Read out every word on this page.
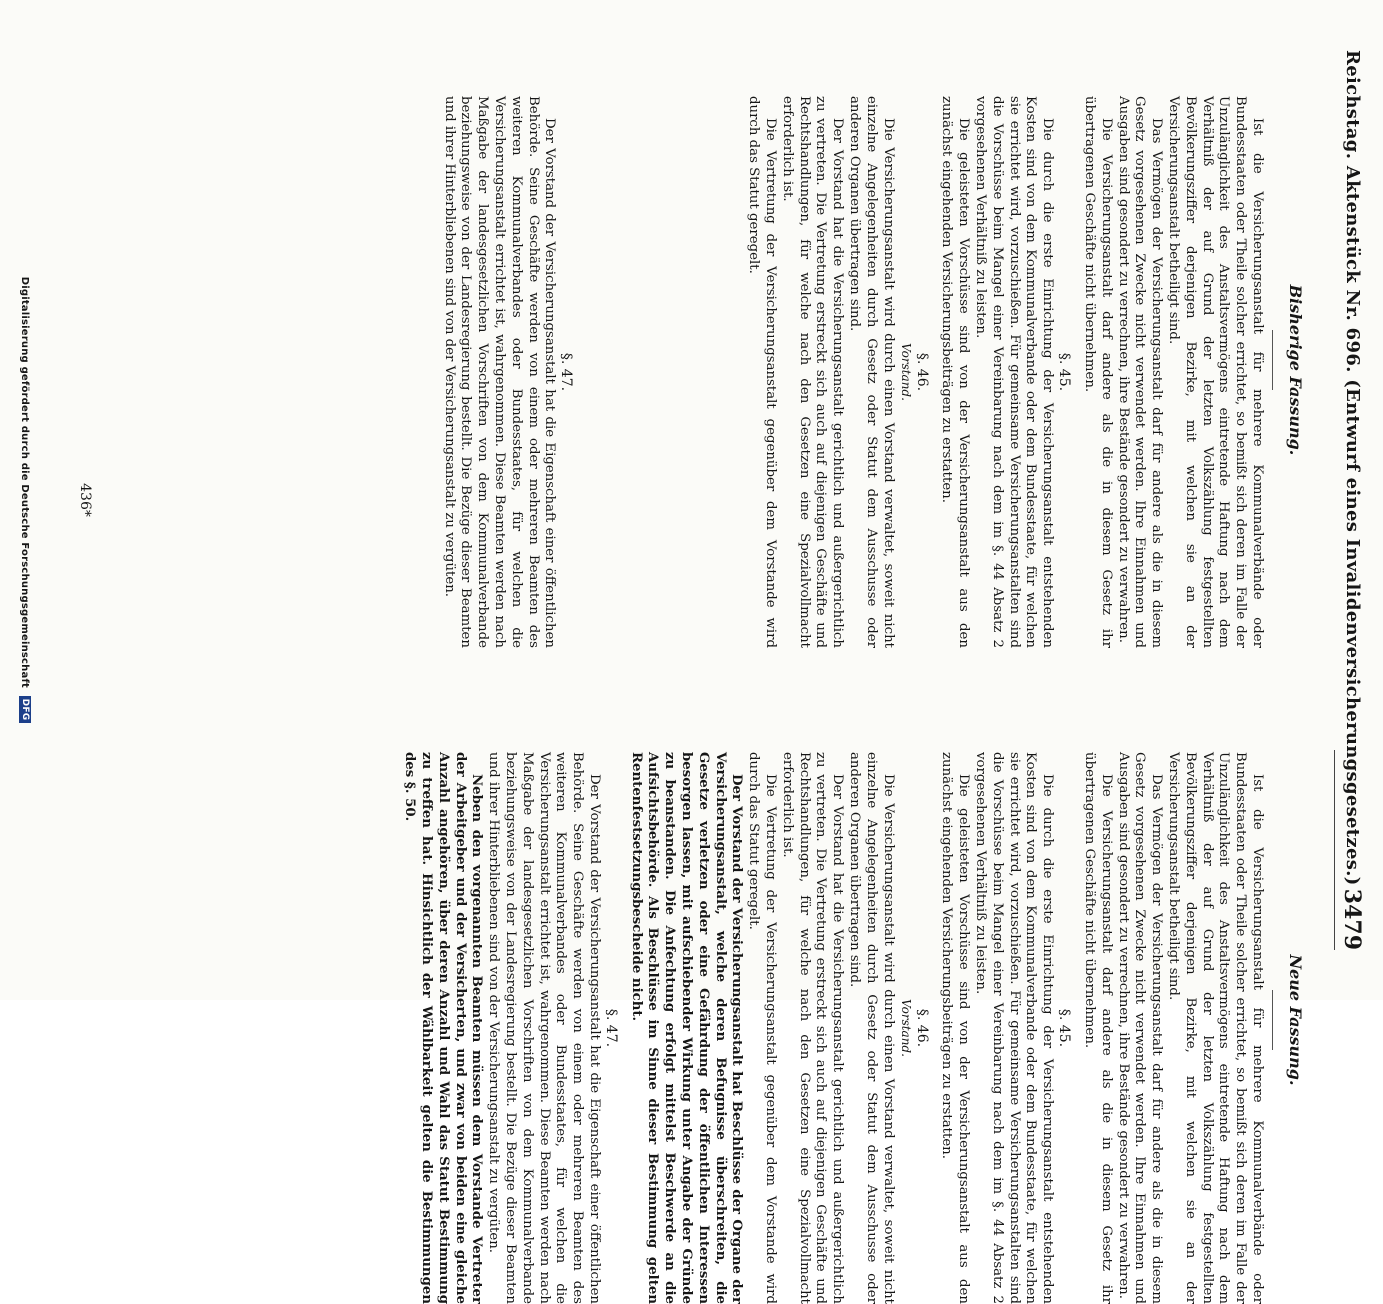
Reichstag. Aktenstück Nr. 696. (Entwurf eines Invalidenversicherungsgesetzes.)
3479
Bisherige Fassung.
Neue Fassung.

Ist die Versicherungsanstalt für mehrere Kommunalverbände oder Bundesstaaten oder Theile solcher errichtet, so bemißt sich deren im Falle der Unzulänglichkeit des Anstaltsvermögens eintretende Haftung nach dem Verhältniß der auf Grund der letzten Volkszählung festgestellten Bevölkerungsziffer derjenigen Bezirke, mit welchen sie an der Versicherungsanstalt betheiligt sind.

Das Vermögen der Versicherungsanstalt darf für andere als die in diesem Gesetz vorgesehenen Zwecke nicht verwendet werden. Ihre Einnahmen und Ausgaben sind gesondert zu verrechnen, ihre Bestände gesondert zu verwahren.

Die Versicherungsanstalt darf andere als die in diesem Gesetz ihr übertragenen Geschäfte nicht übernehmen.

§. 45.

Die durch die erste Einrichtung der Versicherungsanstalt entstehenden Kosten sind von dem Kommunalverbande oder dem Bundesstaate, für welchen sie errichtet wird, vorzuschießen. Für gemeinsame Versicherungsanstalten sind die Vorschüsse beim Mangel einer Vereinbarung nach dem im §. 44 Absatz 2 vorgesehenen Verhältniß zu leisten.

Die geleisteten Vorschüsse sind von der Versicherungsanstalt aus den zunächst eingehenden Versicherungsbeiträgen zu erstatten.

§. 46.
Vorstand.

Die Versicherungsanstalt wird durch einen Vorstand verwaltet, soweit nicht einzelne Angelegenheiten durch Gesetz oder Statut dem Ausschusse oder anderen Organen übertragen sind.

Der Vorstand hat die Versicherungsanstalt gerichtlich und außergerichtlich zu vertreten. Die Vertretung erstreckt sich auch auf diejenigen Geschäfte und Rechtshandlungen, für welche nach den Gesetzen eine Spezialvollmacht erforderlich ist.

Die Vertretung der Versicherungsanstalt gegenüber dem Vorstande wird durch das Statut geregelt.

§. 47.

Der Vorstand der Versicherungsanstalt hat die Eigenschaft einer öffentlichen Behörde. Seine Geschäfte werden von einem oder mehreren Beamten des weiteren Kommunalverbandes oder Bundesstaates, für welchen die Versicherungsanstalt errichtet ist, wahrgenommen. Diese Beamten werden nach Maßgabe der landesgesetzlichen Vorschriften von dem Kommunalverbande beziehungsweise von der Landesregierung bestellt. Die Bezüge dieser Beamten und ihrer Hinterbliebenen sind von der Versicherungsanstalt zu vergüten.

Ist die Versicherungsanstalt für mehrere Kommunalverbände oder Bundesstaaten oder Theile solcher errichtet, so bemißt sich deren im Falle der Unzulänglichkeit des Anstaltsvermögens eintretende Haftung nach dem Verhältniß der auf Grund der letzten Volkszählung festgestellten Bevölkerungsziffer derjenigen Bezirke, mit welchen sie an der Versicherungsanstalt betheiligt sind.

Das Vermögen der Versicherungsanstalt darf für andere als die in diesem Gesetz vorgesehenen Zwecke nicht verwendet werden. Ihre Einnahmen und Ausgaben sind gesondert zu verrechnen, ihre Bestände gesondert zu verwahren.

Die Versicherungsanstalt darf andere als die in diesem Gesetz ihr übertragenen Geschäfte nicht übernehmen.

§. 45.

Die durch die erste Einrichtung der Versicherungsanstalt entstehenden Kosten sind von dem Kommunalverbande oder dem Bundesstaate, für welchen sie errichtet wird, vorzuschießen. Für gemeinsame Versicherungsanstalten sind die Vorschüsse beim Mangel einer Vereinbarung nach dem im §. 44 Absatz 2 vorgesehenen Verhältniß zu leisten.

Die geleisteten Vorschüsse sind von der Versicherungsanstalt aus den zunächst eingehenden Versicherungsbeiträgen zu erstatten.

§. 46.
Vorstand.

Die Versicherungsanstalt wird durch einen Vorstand verwaltet, soweit nicht einzelne Angelegenheiten durch Gesetz oder Statut dem Ausschusse oder anderen Organen übertragen sind.

Der Vorstand hat die Versicherungsanstalt gerichtlich und außergerichtlich zu vertreten. Die Vertretung erstreckt sich auch auf diejenigen Geschäfte und Rechtshandlungen, für welche nach den Gesetzen eine Spezialvollmacht erforderlich ist.

Die Vertretung der Versicherungsanstalt gegenüber dem Vorstande wird durch das Statut geregelt.

Der Vorstand der Versicherungsanstalt hat Beschlüsse der Organe der Versicherungsanstalt, welche deren Befugnisse überschreiten, die Gesetze verletzen oder eine Gefährdung der öffentlichen Interessen besorgen lassen, mit aufschiebender Wirkung unter Angabe der Gründe zu beanstanden. Die Anfechtung erfolgt mittelst Beschwerde an die Aufsichtsbehörde. Als Beschlüsse im Sinne dieser Bestimmung gelten Rentenfestsetzungsbescheide nicht.

§. 47.

Der Vorstand der Versicherungsanstalt hat die Eigenschaft einer öffentlichen Behörde. Seine Geschäfte werden von einem oder mehreren Beamten des weiteren Kommunalverbandes oder Bundesstaates, für welchen die Versicherungsanstalt errichtet ist, wahrgenommen. Diese Beamten werden nach Maßgabe der landesgesetzlichen Vorschriften von dem Kommunalverbande beziehungsweise von der Landesregierung bestellt. Die Bezüge dieser Beamten und ihrer Hinterbliebenen sind von der Versicherungsanstalt zu vergüten.

Neben den vorgenannten Beamten müssen dem Vorstande Vertreter der Arbeitgeber und der Versicherten, und zwar von beiden eine gleiche Anzahl angehören, über deren Anzahl und Wahl das Statut Bestimmung zu treffen hat. Hinsichtlich der Wählbarkeit gelten die Bestimmungen des §. 50.

436*
Digitalisierung gefördert durch die Deutsche Forschungsgemeinschaft DFG
